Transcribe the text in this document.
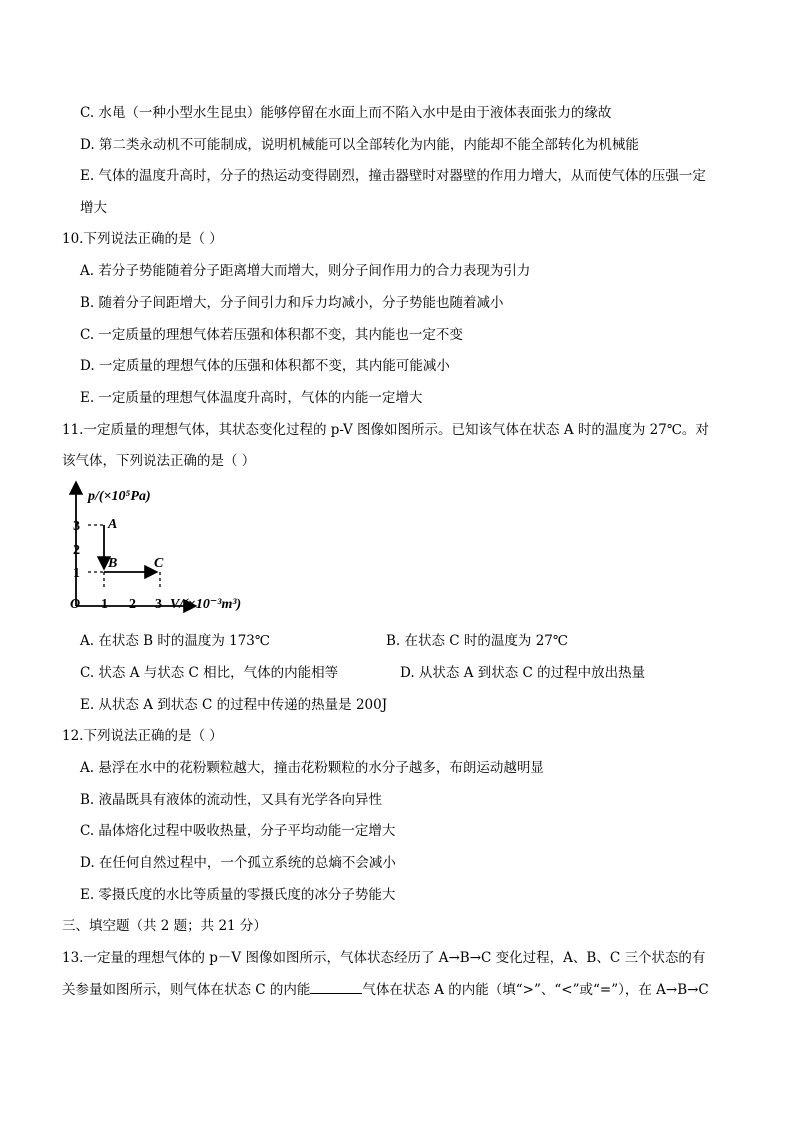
C. 水黾（一种小型水生昆虫）能够停留在水面上而不陷入水中是由于液体表面张力的缘故
D. 第二类永动机不可能制成，说明机械能可以全部转化为内能，内能却不能全部转化为机械能
E. 气体的温度升高时，分子的热运动变得剧烈，撞击器壁时对器壁的作用力增大，从而使气体的压强一定
增大
10.下列说法正确的是（ ）
A. 若分子势能随着分子距离增大而增大，则分子间作用力的合力表现为引力
B. 随着分子间距增大，分子间引力和斥力均减小，分子势能也随着减小
C. 一定质量的理想气体若压强和体积都不变，其内能也一定不变
D. 一定质量的理想气体的压强和体积都不变，其内能可能减小
E. 一定质量的理想气体温度升高时，气体的内能一定增大
11.一定质量的理想气体，其状态变化过程的 p-V 图像如图所示。已知该气体在状态 A 时的温度为 27℃。对
该气体，下列说法正确的是（ ）
p/(×10⁵Pa)
V/(×10⁻³m³)
O
3
2
1
1 2 3
A
B	C
A. 在状态 B 时的温度为 173℃	B. 在状态 C 时的温度为 27℃
C. 状态 A 与状态 C 相比，气体的内能相等	D. 从状态 A 到状态 C 的过程中放出热量
E. 从状态 A 到状态 C 的过程中传递的热量是 200J
12.下列说法正确的是（ ）
A. 悬浮在水中的花粉颗粒越大，撞击花粉颗粒的水分子越多，布朗运动越明显
B. 液晶既具有液体的流动性，又具有光学各向异性
C. 晶体熔化过程中吸收热量，分子平均动能一定增大
D. 在任何自然过程中，一个孤立系统的总熵不会减小
E. 零摄氏度的水比等质量的零摄氏度的冰分子势能大
三、填空题（共 2 题；共 21 分）
13.一定量的理想气体的 p－V 图像如图所示，气体状态经历了 A→B→C 变化过程，A、B、C 三个状态的有
关参量如图所示，则气体在状态 C 的内能	气体在状态 A 的内能（填“>”、“<”或“=”），在 A→B→C
